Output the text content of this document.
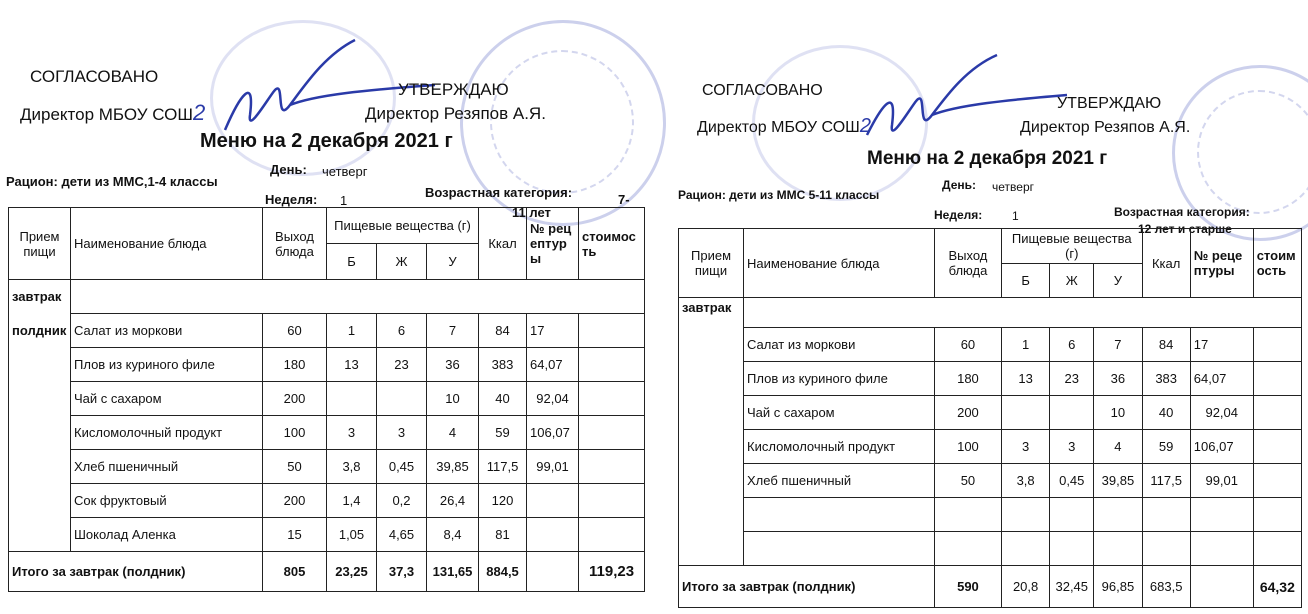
СОГЛАСОВАНО
Директор МБОУ СОШ2
УТВЕРЖДАЮ
Директор Резяпов А.Я.
Меню на 2 декабря 2021 г
День: четверг
Рацион: дети из ММС,1-4 классы
Неделя: 1
Возрастная категория:	7-
11 лет
Прием пищи	Наименование блюда	Выход блюда	Пищевые вещества (г)			Ккал	№ рецептуры	стоимость
			Б	Ж	У			
завтрак								
полдник	Салат из моркови	60	1	6	7	84	17	
	Плов из куриного филе	180	13	23	36	383	64,07	
	Чай с сахаром	200			10	40	92,04	
	Кисломолочный продукт	100	3	3	4	59	106,07	
	Хлеб пшеничный	50	3,8	0,45	39,85	117,5	99,01	
	Сок фруктовый	200	1,4	0,2	26,4	120		
	Шоколад Аленка	15	1,05	4,65	8,4	81		
Итого за завтрак (полдник)		805	23,25	37,3	131,65	884,5		119,23
СОГЛАСОВАНО
Директор МБОУ СОШ2
УТВЕРЖДАЮ
Директор Резяпов А.Я.
Меню на 2 декабря 2021 г
День: четверг
Рацион: дети из ММС 5-11 классы
Неделя: 1	Возрастная категория:
12 лет и старше
Прием пищи	Наименование блюда	Выход блюда	Пищевые вещества (г)			Ккал	№ рецептуры	стоимость
			Б	Ж	У			
завтрак								
	Салат из моркови	60	1	6	7	84	17	
	Плов из куриного филе	180	13	23	36	383	64,07	
	Чай с сахаром	200			10	40	92,04	
	Кисломолочный продукт	100	3	3	4	59	106,07	
	Хлеб пшеничный	50	3,8	0,45	39,85	117,5	99,01	

Итого за завтрак (полдник)		590	20,8	32,45	96,85	683,5		64,32
